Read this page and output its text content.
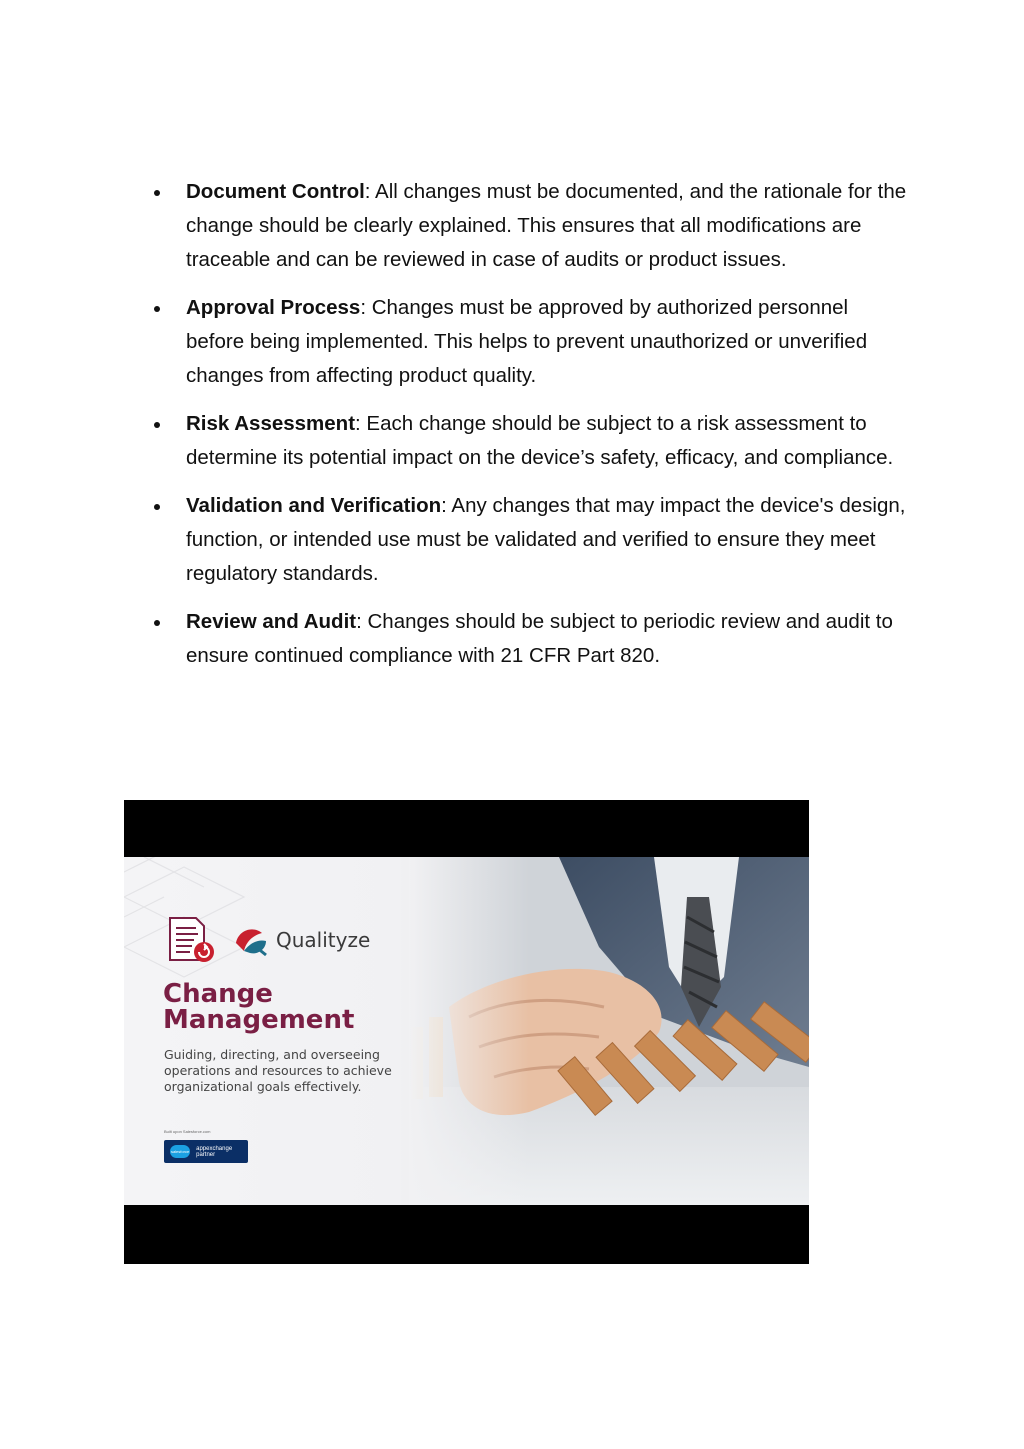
Document Control: All changes must be documented, and the rationale for the change should be clearly explained. This ensures that all modifications are traceable and can be reviewed in case of audits or product issues.
Approval Process: Changes must be approved by authorized personnel before being implemented. This helps to prevent unauthorized or unverified changes from affecting product quality.
Risk Assessment: Each change should be subject to a risk assessment to determine its potential impact on the device’s safety, efficacy, and compliance.
Validation and Verification: Any changes that may impact the device's design, function, or intended use must be validated and verified to ensure they meet regulatory standards.
Review and Audit: Changes should be subject to periodic review and audit to ensure continued compliance with 21 CFR Part 820.
Qualityze
Change
Management
Guiding, directing, and overseeing operations and resources to achieve organizational goals effectively.
Built upon Salesforce.com
salesforce appexchange partner
